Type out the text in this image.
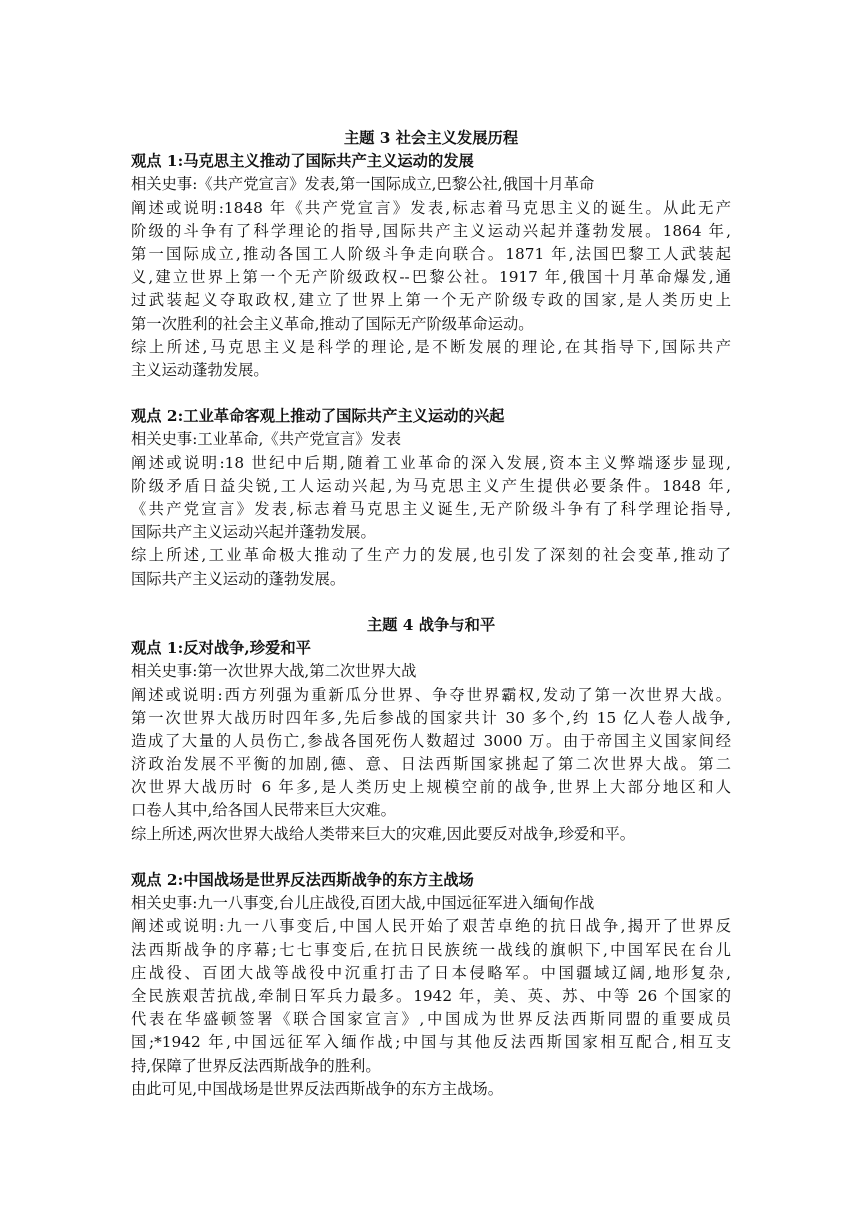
主题 3 社会主义发展历程
观点 1:马克思主义推动了国际共产主义运动的发展
相关史事:《共产党宣言》发表,第一国际成立,巴黎公社,俄国十月革命
阐述或说明:1848 年《共产党宣言》发表,标志着马克思主义的诞生。从此无产
阶级的斗争有了科学理论的指导,国际共产主义运动兴起并蓬勃发展。1864 年,
第一国际成立,推动各国工人阶级斗争走向联合。1871 年,法国巴黎工人武装起
义,建立世界上第一个无产阶级政权--巴黎公社。1917 年,俄国十月革命爆发,通
过武装起义夺取政权,建立了世界上第一个无产阶级专政的国家,是人类历史上
第一次胜利的社会主义革命,推动了国际无产阶级革命运动。
综上所述,马克思主义是科学的理论,是不断发展的理论,在其指导下,国际共产
主义运动蓬勃发展。
观点 2:工业革命客观上推动了国际共产主义运动的兴起
相关史事:工业革命,《共产党宣言》发表
阐述或说明:18 世纪中后期,随着工业革命的深入发展,资本主义弊端逐步显现,
阶级矛盾日益尖锐,工人运动兴起,为马克思主义产生提供必要条件。1848 年,
《共产党宣言》发表,标志着马克思主义诞生,无产阶级斗争有了科学理论指导,
国际共产主义运动兴起并蓬勃发展。
综上所述,工业革命极大推动了生产力的发展,也引发了深刻的社会变革,推动了
国际共产主义运动的蓬勃发展。
主题 4 战争与和平
观点 1:反对战争,珍爱和平
相关史事:第一次世界大战,第二次世界大战
阐述或说明:西方列强为重新瓜分世界、争夺世界霸权,发动了第一次世界大战。
第一次世界大战历时四年多,先后参战的国家共计 30 多个,约 15 亿人卷人战争,
造成了大量的人员伤亡,参战各国死伤人数超过 3000 万。由于帝国主义国家间经
济政治发展不平衡的加剧,德、意、日法西斯国家挑起了第二次世界大战。第二
次世界大战历时 6 年多,是人类历史上规模空前的战争,世界上大部分地区和人
口卷人其中,给各国人民带来巨大灾难。
综上所述,两次世界大战给人类带来巨大的灾难,因此要反对战争,珍爱和平。
观点 2:中国战场是世界反法西斯战争的东方主战场
相关史事:九一八事变,台儿庄战役,百团大战,中国远征军进入缅甸作战
阐述或说明:九一八事变后,中国人民开始了艰苦卓绝的抗日战争,揭开了世界反
法西斯战争的序幕;七七事变后,在抗日民族统一战线的旗帜下,中国军民在台儿
庄战役、百团大战等战役中沉重打击了日本侵略军。中国疆域辽阔,地形复杂,
全民族艰苦抗战,牵制日军兵力最多。1942 年，美、英、苏、中等 26 个国家的
代表在华盛顿签署《联合国家宣言》,中国成为世界反法西斯同盟的重要成员
国;*1942 年,中国远征军入缅作战;中国与其他反法西斯国家相互配合,相互支
持,保障了世界反法西斯战争的胜利。
由此可见,中国战场是世界反法西斯战争的东方主战场。
